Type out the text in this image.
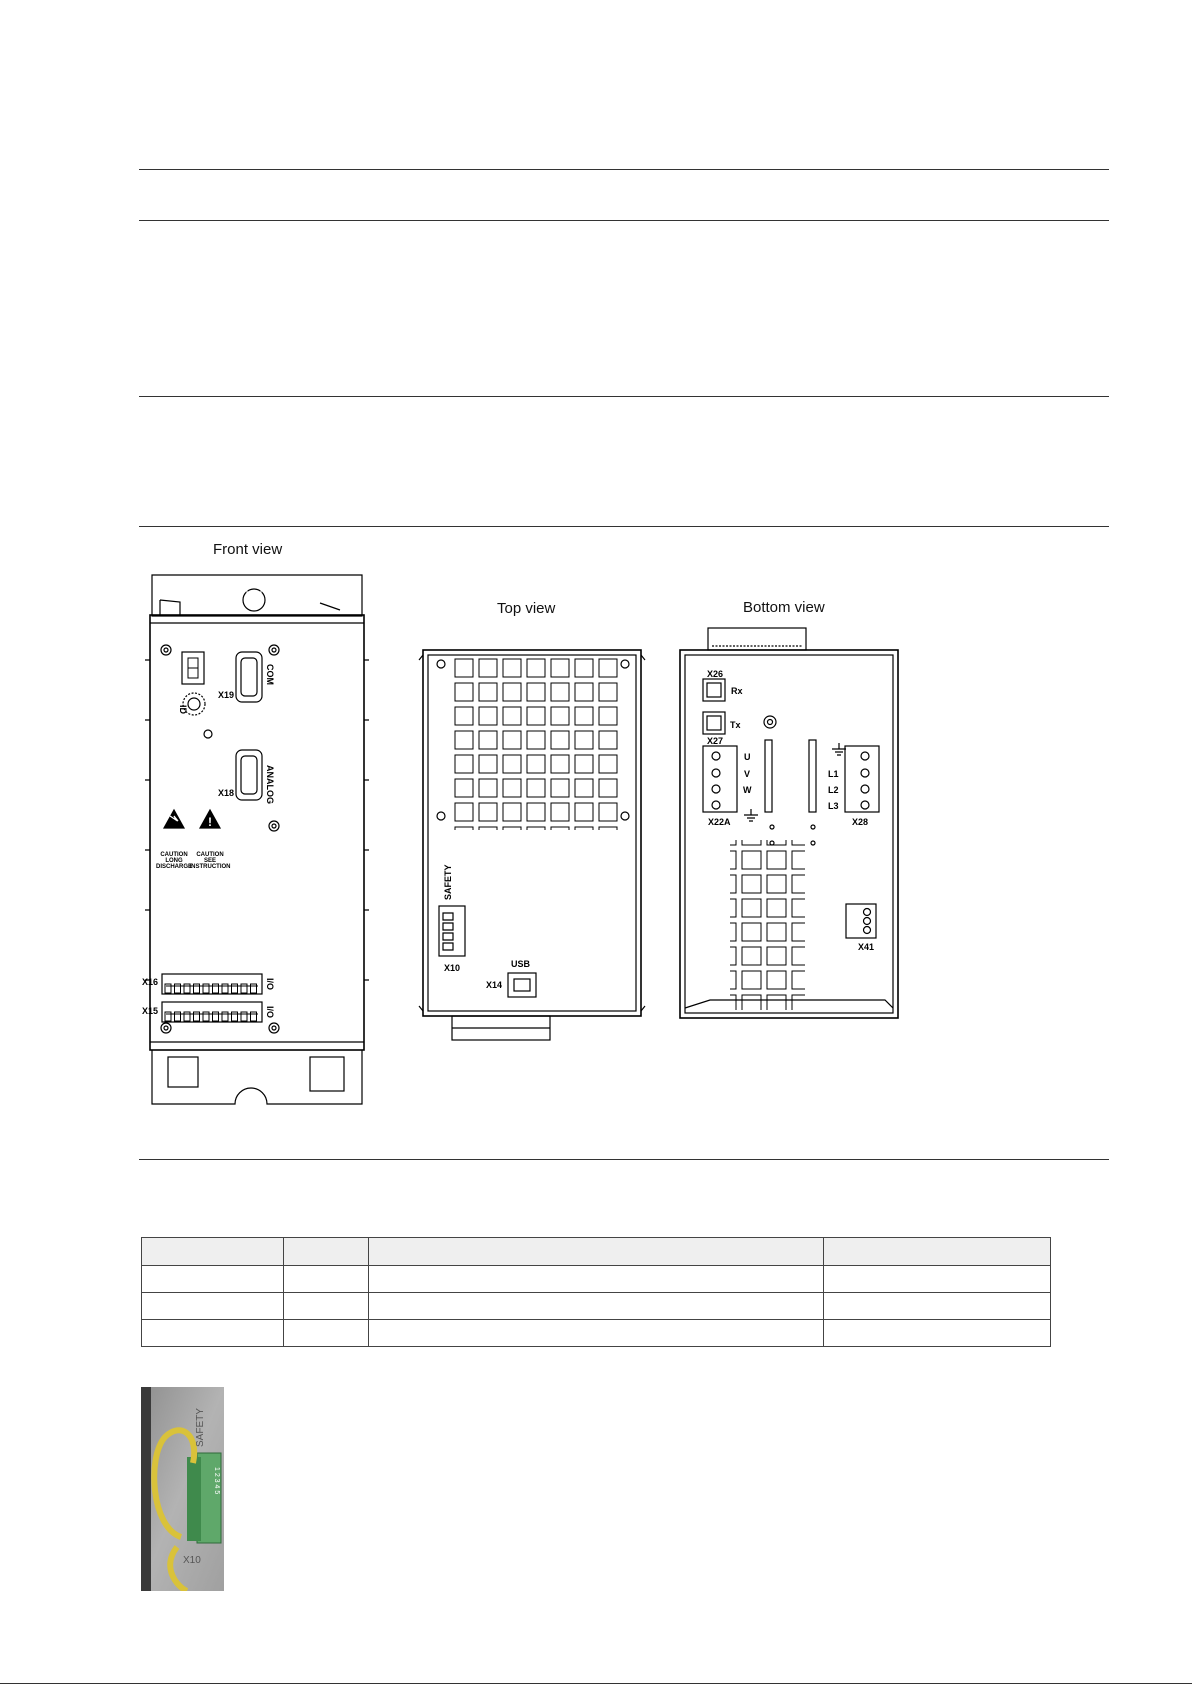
Front view
Top view	Bottom view
!
ID
X19
COM
X18	ANALOG
CAUTION
LONG
DISCHARGE
CAUTION
SEE
INSTRUCTION
X16	I/O
X15	I/O
SAFETY
X10	USB
X14
X26
Rx
X27
Tx
U
V
W
X22A
L1
L2
L3
X28
X41

SAFETY
1 2 3 4 5
X10
